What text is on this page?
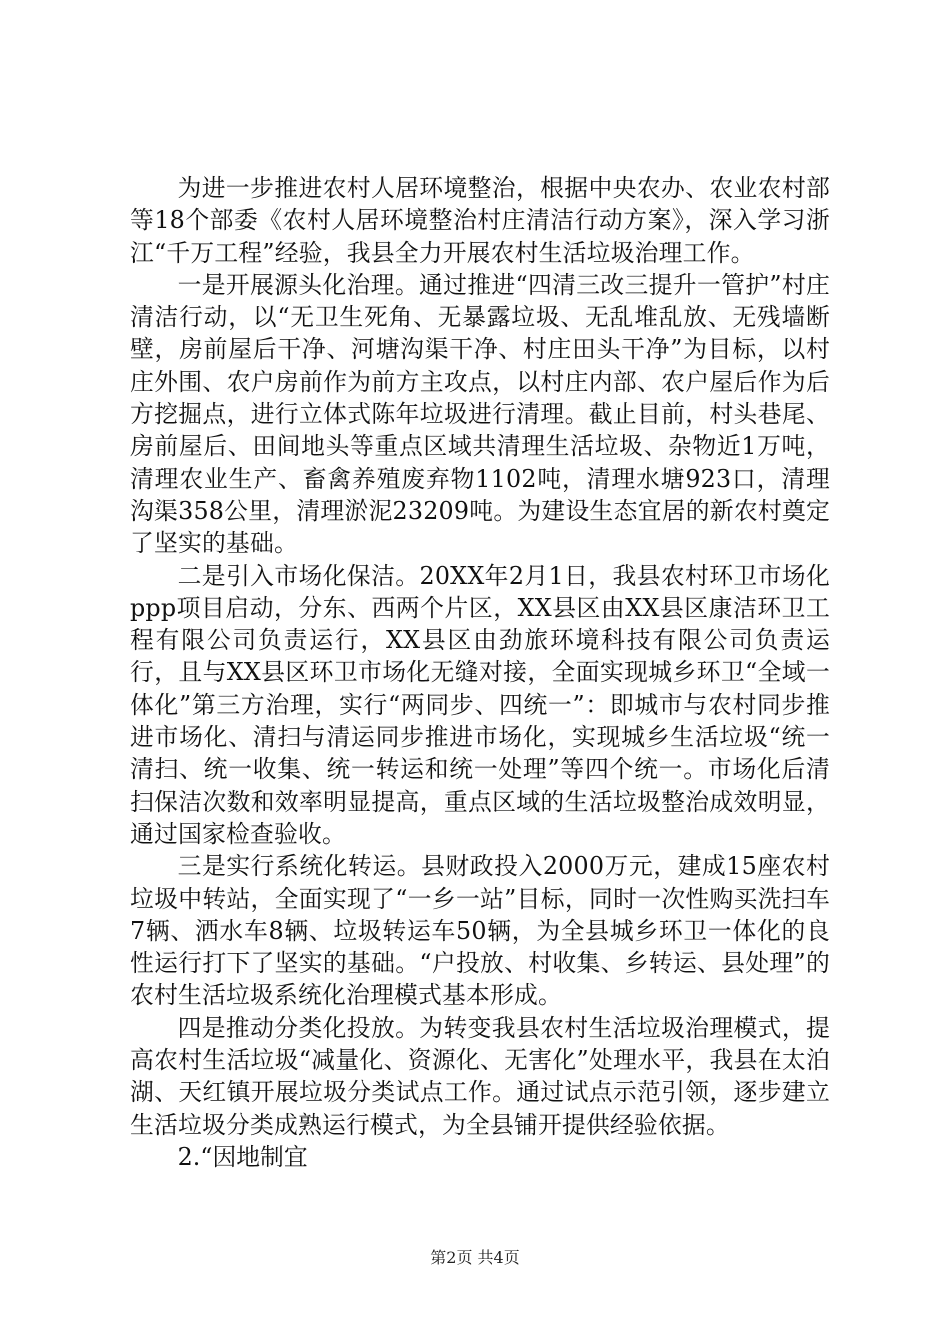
为进一步推进农村人居环境整治，根据中央农办、农业农村部等18个部委《农村人居环境整治村庄清洁行动方案》，深入学习浙江“千万工程”经验，我县全力开展农村生活垃圾治理工作。

一是开展源头化治理。通过推进“四清三改三提升一管护”村庄清洁行动，以“无卫生死角、无暴露垃圾、无乱堆乱放、无残墙断壁，房前屋后干净、河塘沟渠干净、村庄田头干净”为目标，以村庄外围、农户房前作为前方主攻点，以村庄内部、农户屋后作为后方挖掘点，进行立体式陈年垃圾进行清理。截止目前，村头巷尾、房前屋后、田间地头等重点区域共清理生活垃圾、杂物近1万吨，清理农业生产、畜禽养殖废弃物1102吨，清理水塘923口，清理沟渠358公里，清理淤泥23209吨。为建设生态宜居的新农村奠定了坚实的基础。

二是引入市场化保洁。20XX年2月1日，我县农村环卫市场化ppp项目启动，分东、西两个片区，XX县区由XX县区康洁环卫工程有限公司负责运行，XX县区由劲旅环境科技有限公司负责运行，且与XX县区环卫市场化无缝对接，全面实现城乡环卫“全域一体化”第三方治理，实行“两同步、四统一”：即城市与农村同步推进市场化、清扫与清运同步推进市场化，实现城乡生活垃圾“统一清扫、统一收集、统一转运和统一处理”等四个统一。市场化后清扫保洁次数和效率明显提高，重点区域的生活垃圾整治成效明显，通过国家检查验收。

三是实行系统化转运。县财政投入2000万元，建成15座农村垃圾中转站，全面实现了“一乡一站”目标，同时一次性购买洗扫车7辆、洒水车8辆、垃圾转运车50辆，为全县城乡环卫一体化的良性运行打下了坚实的基础。“户投放、村收集、乡转运、县处理”的农村生活垃圾系统化治理模式基本形成。

四是推动分类化投放。为转变我县农村生活垃圾治理模式，提高农村生活垃圾“减量化、资源化、无害化”处理水平，我县在太泊湖、天红镇开展垃圾分类试点工作。通过试点示范引领，逐步建立生活垃圾分类成熟运行模式，为全县铺开提供经验依据。

2.“因地制宜

第2页 共4页
